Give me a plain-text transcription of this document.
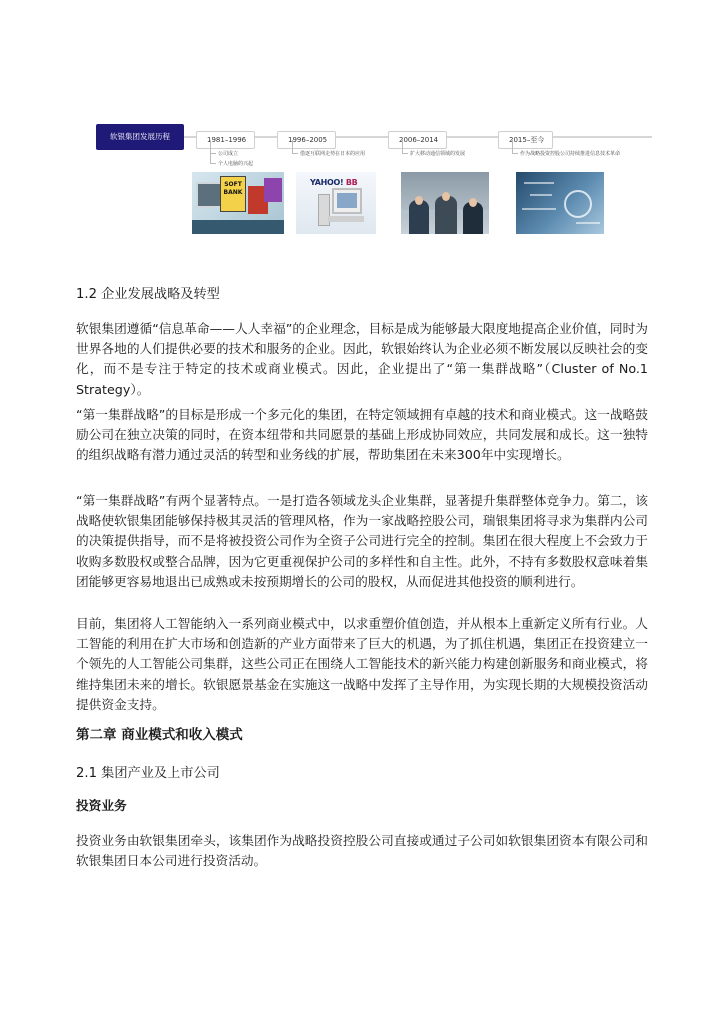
软银集团发展历程	1981–1996
公司成立
个人电脑的兴起
1996–2005
借逐互联网走势在日本的应用
2006–2014
扩大移动通信领域的发展
2015–至今
作为战略投资控股公司持续推进信息技术革命
SOFT BANK
YAHOO! BB
1.2 企业发展战略及转型

软银集团遵循“信息革命——人人幸福”的企业理念，目标是成为能够最大限度地提高企业价值，同时为世界各地的人们提供必要的技术和服务的企业。因此，软银始终认为企业必须不断发展以反映社会的变化，而不是专注于特定的技术或商业模式。因此，企业提出了“第一集群战略”（Cluster of No.1 Strategy）。

“第一集群战略”的目标是形成一个多元化的集团，在特定领域拥有卓越的技术和商业模式。这一战略鼓励公司在独立决策的同时，在资本纽带和共同愿景的基础上形成协同效应，共同发展和成长。这一独特的组织战略有潜力通过灵活的转型和业务线的扩展，帮助集团在未来300年中实现增长。

“第一集群战略”有两个显著特点。一是打造各领域龙头企业集群，显著提升集群整体竞争力。第二，该战略使软银集团能够保持极其灵活的管理风格，作为一家战略控股公司，瑞银集团将寻求为集群内公司的决策提供指导，而不是将被投资公司作为全资子公司进行完全的控制。集团在很大程度上不会致力于收购多数股权或整合品牌，因为它更重视保护公司的多样性和自主性。此外，不持有多数股权意味着集团能够更容易地退出已成熟或未按预期增长的公司的股权，从而促进其他投资的顺利进行。

目前，集团将人工智能纳入一系列商业模式中，以求重塑价值创造，并从根本上重新定义所有行业。人工智能的利用在扩大市场和创造新的产业方面带来了巨大的机遇，为了抓住机遇，集团正在投资建立一个领先的人工智能公司集群，这些公司正在围绕人工智能技术的新兴能力构建创新服务和商业模式，将维持集团未来的增长。软银愿景基金在实施这一战略中发挥了主导作用，为实现长期的大规模投资活动提供资金支持。

第二章 商业模式和收入模式
2.1 集团产业及上市公司
投资业务

投资业务由软银集团牵头，该集团作为战略投资控股公司直接或通过子公司如软银集团资本有限公司和软银集团日本公司进行投资活动。
